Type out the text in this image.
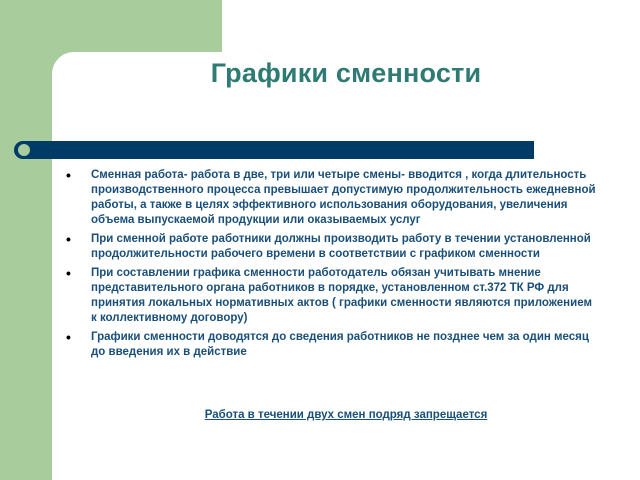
Графики сменности
• Сменная работа- работа в две, три или четыре смены- вводится , когда длительность производственного процесса превышает допустимую продолжительность ежедневной работы, а также в целях эффективного использования оборудования, увеличения объема выпускаемой продукции или оказываемых услуг
• При сменной работе работники должны производить работу в течении установленной продолжительности рабочего времени в соответствии с графиком сменности
• При составлении графика сменности работодатель обязан учитывать мнение представительного органа работников в порядке, установленном ст.372 ТК РФ для принятия локальных нормативных актов ( графики сменности являются приложением к коллективному договору)
• Графики сменности доводятся до сведения работников не позднее чем за один месяц до введения их в действие
Работа в течении двух смен подряд запрещается
